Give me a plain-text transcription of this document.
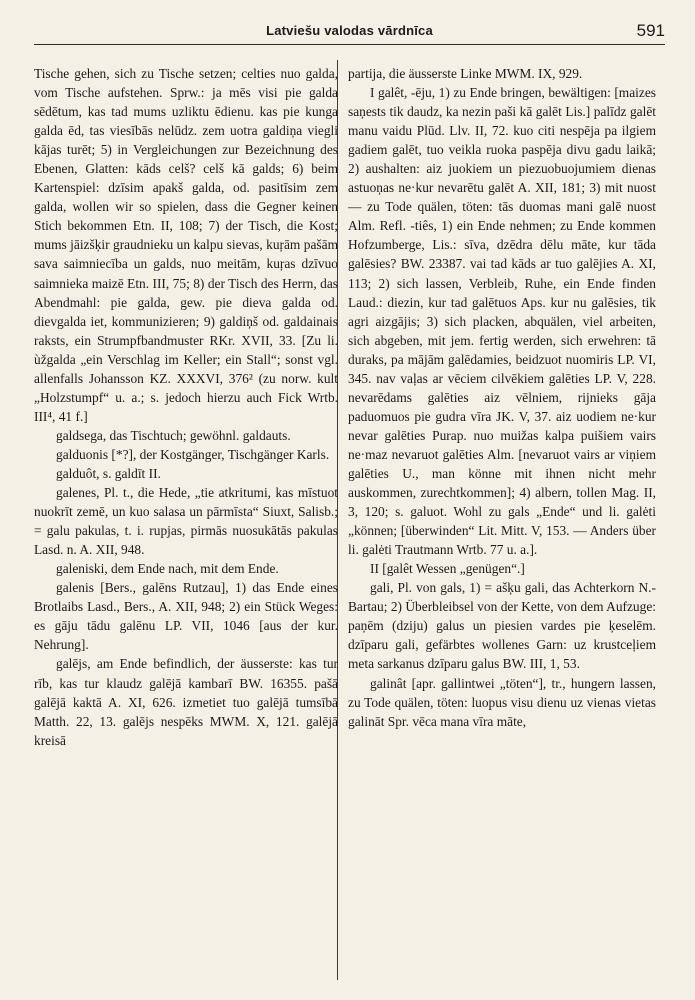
Latviešu valodas vārdnīca	591

Tische gehen, sich zu Tische setzen; celties nuo galda, vom Tische aufstehen. Sprw.: ja mēs visi pie galda sēdētum, kas tad mums uzliktu ēdienu. kas pie kunga galda ēd, tas viesībās nelūdz. zem uotra galdiņa viegli kājas turēt; 5) in Vergleichungen zur Bezeichnung des Ebenen, Glatten: kāds celš? celš kā galds; 6) beim Kartenspiel: dzīsim apakš galda, od. pasitīsim zem galda, wollen wir so spielen, dass die Gegner keinen Stich bekommen Etn. II, 108; 7) der Tisch, die Kost; mums jāizšķir graudnieku un kalpu sievas, kuŗām pašām sava saimniecība un galds, nuo meitām, kuŗas dzīvuo saimnieka maizē Etn. III, 75; 8) der Tisch des Herrn, das Abendmahl: pie galda, gew. pie dieva galda od. dievgalda iet, kommunizieren; 9) galdiņš od. galdainais raksts, ein Strumpfbandmuster RKr. XVII, 33. [Zu li. ùžgalda „ein Verschlag im Keller; ein Stall“; sonst vgl. allenfalls Johansson KZ. XXXVI, 376² (zu norw. kult „Holzstumpf“ u. a.; s. jedoch hierzu auch Fick Wrtb. III⁴, 41 f.]

galdsega, das Tischtuch; gewöhnl. galdauts.

galduonis [*?], der Kostgänger, Tischgänger Karls.

galduôt, s. galdīt II.

galenes, Pl. t., die Hede, „tie atkritumi, kas mīstuot nuokrīt zemē, un kuo salasa un pārmīsta“ Siuxt, Salisb.; = galu pakulas, t. i. rupjas, pirmās nuosukātās pakulas Lasd. n. A. XII, 948.

galeniski, dem Ende nach, mit dem Ende.

galenis [Bers., galēns Rutzau], 1) das Ende eines Brotlaibs Lasd., Bers., A. XII, 948; 2) ein Stück Weges: es gāju tādu galēnu LP. VII, 1046 [aus der kur. Nehrung].

galējs, am Ende befindlich, der äusserste: kas tur rīb, kas tur klaudz galējā kambarī BW. 16355. pašā galējā kaktā A. XI, 626. izmetiet tuo galējā tumsībā Matth. 22, 13. galējs nespēks MWM. X, 121. galējā kreisā

partija, die äusserste Linke MWM. IX, 929.

I galêt, -ēju, 1) zu Ende bringen, bewältigen: [maizes saņests tik daudz, ka nezin paši kā galēt Lis.] palīdz galēt manu vaidu Plūd. Llv. II, 72. kuo citi nespēja pa ilgiem gadiem galēt, tuo veikla ruoka paspēja divu gadu laikā; 2) aushalten: aiz juokiem un piezuobuojumiem dienas astuoņas ne·kur nevarētu galēt A. XII, 181; 3) mit nuost — zu Tode quälen, töten: tās duomas mani galē nuost Alm. Refl. -tiês, 1) ein Ende nehmen; zu Ende kommen Hofzumberge, Lis.: sīva, dzēdra dēlu māte, kur tāda galēsies? BW. 23387. vai tad kāds ar tuo galējies A. XI, 113; 2) sich lassen, Verbleib, Ruhe, ein Ende finden Laud.: diezin, kur tad galētuos Aps. kur nu galēsies, tik agri aizgājis; 3) sich placken, abquälen, viel arbeiten, sich abgeben, mit jem. fertig werden, sich erwehren: tā duraks, pa mājām galēdamies, beidzuot nuomiris LP. VI, 345. nav vaļas ar vēciem cilvēkiem galēties LP. V, 228. nevarēdams galēties aiz vēlniem, rijnieks gāja paduomuos pie gudra vīra JK. V, 37. aiz uodiem ne·kur nevar galēties Purap. nuo muižas kalpa puišiem vairs ne·maz nevaruot galēties Alm. [nevaruot vairs ar viņiem galēties U., man könne mit ihnen nicht mehr auskommen, zurechtkommen]; 4) albern, tollen Mag. II, 3, 120; s. galuot. Wohl zu gals „Ende“ und li. galėti „können; [überwinden“ Lit. Mitt. V, 153. — Anders über li. galėti Trautmann Wrtb. 77 u. a.].

II [galêt Wessen „genügen“.]

gali, Pl. von gals, 1) = ašķu gali, das Achterkorn N.-Bartau; 2) Überbleibsel von der Kette, von dem Aufzuge: paņēm (dziju) galus un piesien vardes pie ķeselēm. dzīparu gali, gefärbtes wollenes Garn: uz krustceļiem meta sarkanus dzīparu galus BW. III, 1, 53.

galinât [apr. gallintwei „töten“], tr., hungern lassen, zu Tode quälen, töten: luopus visu dienu uz vienas vietas galināt Spr. vēca mana vīra māte,
